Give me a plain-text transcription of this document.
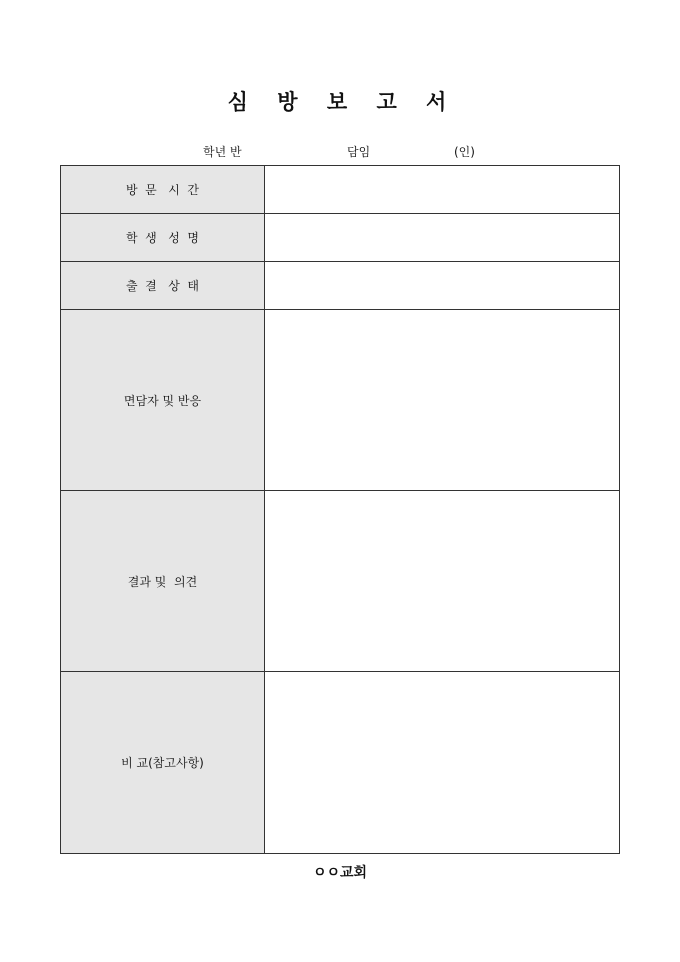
심 방 보 고 서
학년 반	담임	(인)
방  문   시  간	
학  생   성  명	
출  결   상  태	
면담자 및 반응	
결과 및  의견	
비 교(참고사항)	
ㅇㅇ교회
